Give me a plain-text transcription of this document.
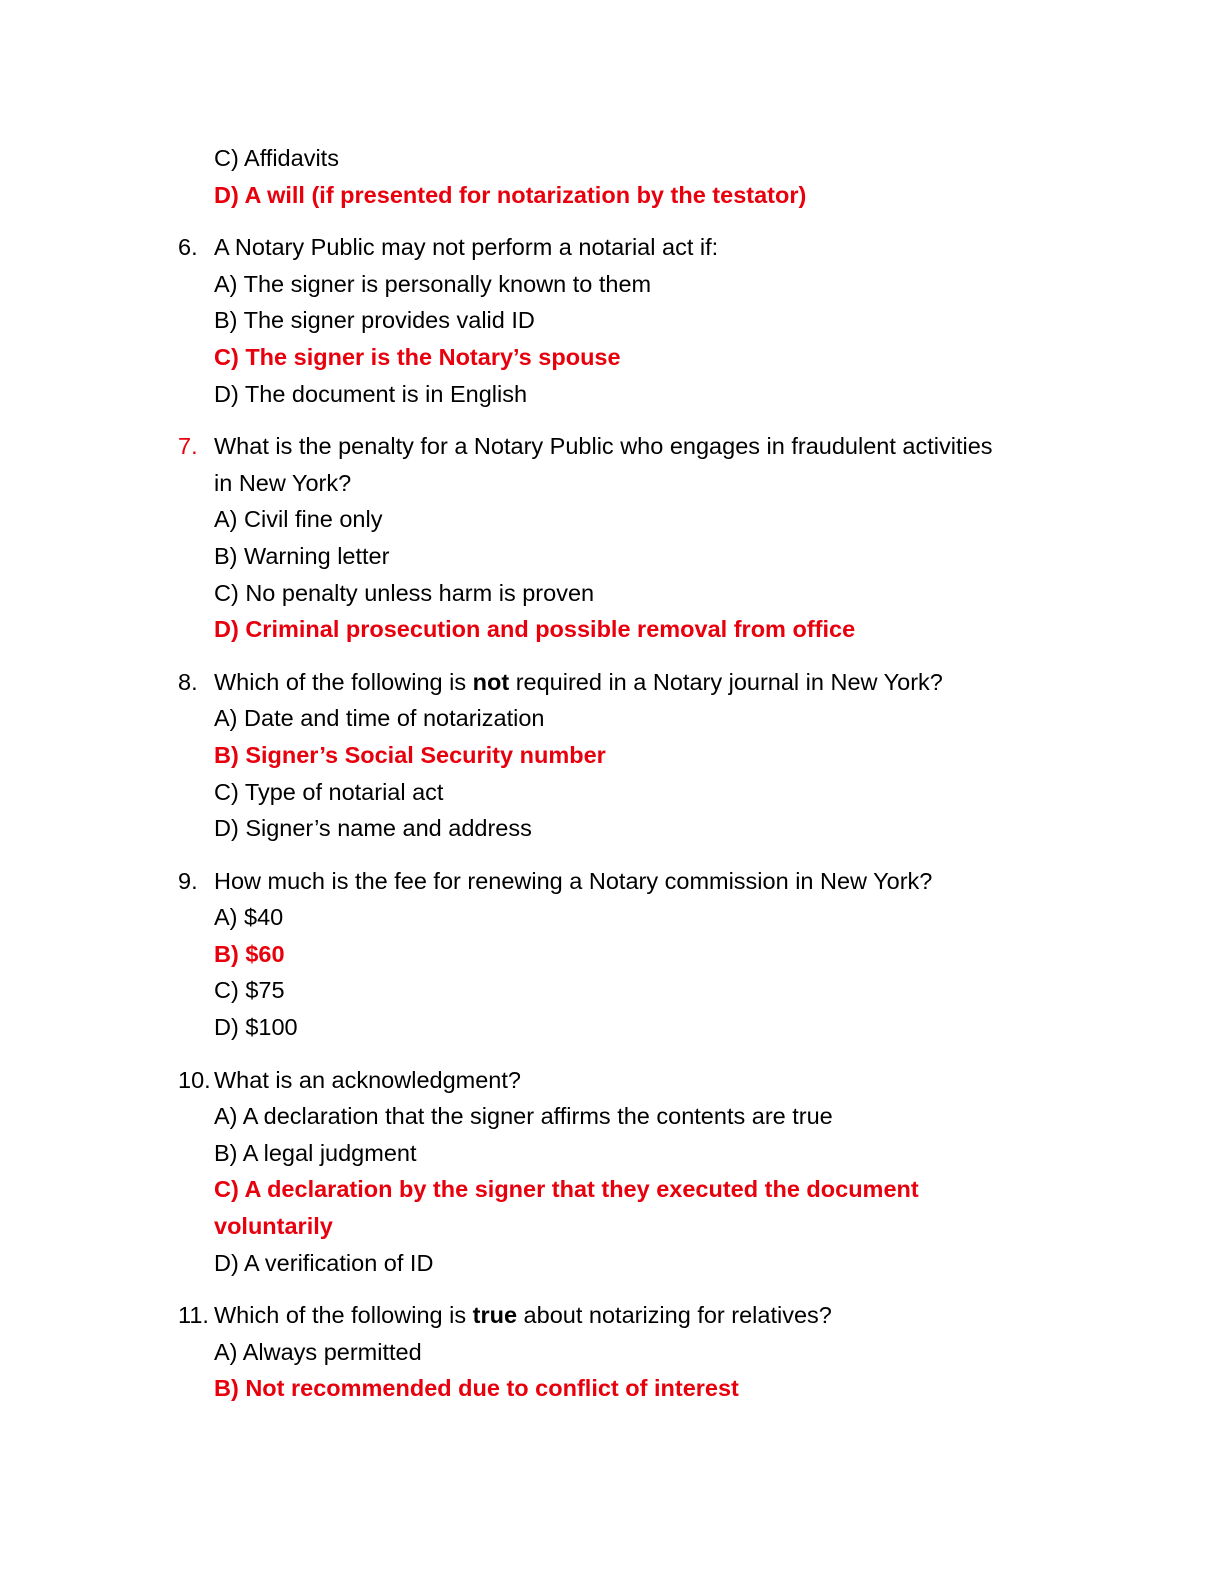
C) Affidavits
D) A will (if presented for notarization by the testator)
6. A Notary Public may not perform a notarial act if:
A) The signer is personally known to them
B) The signer provides valid ID
C) The signer is the Notary’s spouse
D) The document is in English
7. What is the penalty for a Notary Public who engages in fraudulent activities
in New York?
A) Civil fine only
B) Warning letter
C) No penalty unless harm is proven
D) Criminal prosecution and possible removal from office
8. Which of the following is not required in a Notary journal in New York?
A) Date and time of notarization
B) Signer’s Social Security number
C) Type of notarial act
D) Signer’s name and address
9. How much is the fee for renewing a Notary commission in New York?
A) $40
B) $60
C) $75
D) $100
10. What is an acknowledgment?
A) A declaration that the signer affirms the contents are true
B) A legal judgment
C) A declaration by the signer that they executed the document
voluntarily
D) A verification of ID
11. Which of the following is true about notarizing for relatives?
A) Always permitted
B) Not recommended due to conflict of interest
